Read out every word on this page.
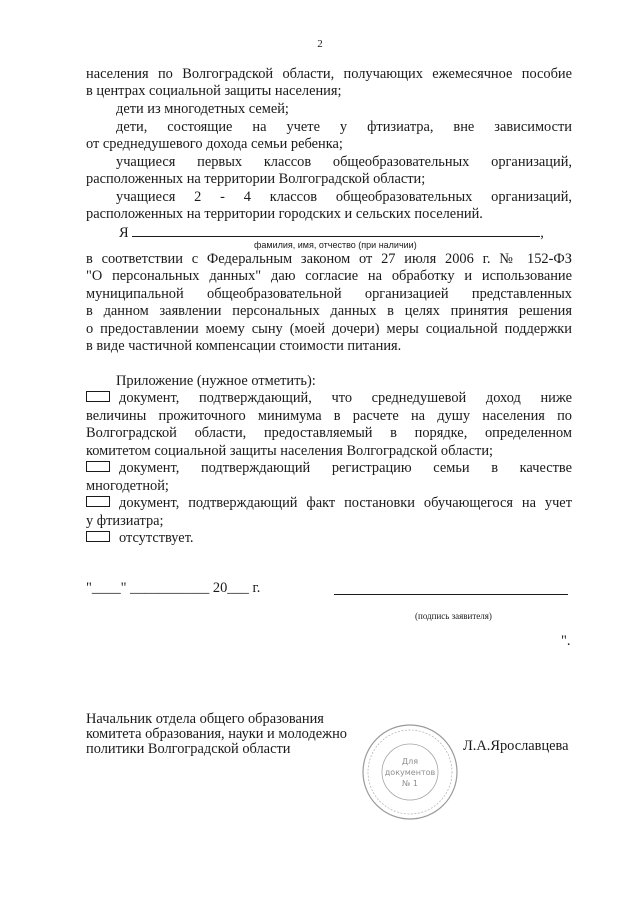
2
населения по Волгоградской области, получающих ежемесячное пособие
в центрах социальной защиты населения;
дети из многодетных семей;
дети, состоящие на учете у фтизиатра, вне зависимости
от среднедушевого дохода семьи ребенка;
учащиеся первых классов общеобразовательных организаций,
расположенных на территории Волгоградской области;
учащиеся 2 - 4 классов общеобразовательных организаций,
расположенных на территории городских и сельских поселений.
Я	,
фамилия, имя, отчество (при наличии)
в соответствии с Федеральным законом от 27 июля 2006 г. № 152-ФЗ
"О персональных данных" даю согласие на обработку и использование
муниципальной общеобразовательной организацией представленных
в данном заявлении персональных данных в целях принятия решения
о предоставлении моему сыну (моей дочери) меры социальной поддержки
в виде частичной компенсации стоимости питания.
Приложение (нужное отметить):
документ, подтверждающий, что среднедушевой доход ниже
величины прожиточного минимума в расчете на душу населения по
Волгоградской области, предоставляемый в порядке, определенном
комитетом социальной защиты населения Волгоградской области;
документ, подтверждающий регистрацию семьи в качестве
многодетной;
документ, подтверждающий факт постановки обучающегося на учет
у фтизиатра;
отсутствует.
"____" ___________ 20___ г.
(подпись заявителя)
".
Начальник отдела общего образования
комитета образования, науки и молодежно
политики Волгоградской области
Для
документов
№ 1
Л.А.Ярославцева
